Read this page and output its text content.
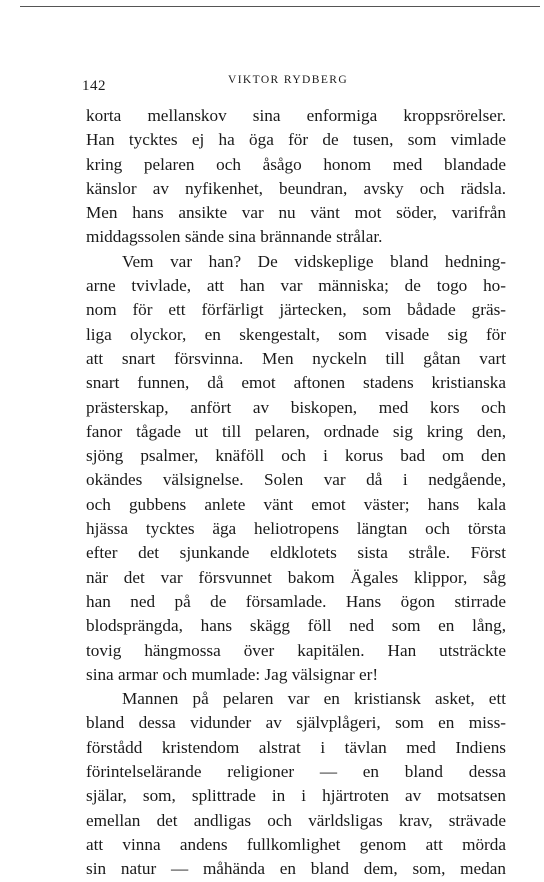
142	VIKTOR RYDBERG
korta mellanskov sina enformiga kroppsrörelser.
Han tycktes ej ha öga för de tusen, som vimlade
kring pelaren och åsågo honom med blandade
känslor av nyfikenhet, beundran, avsky och rädsla.
Men hans ansikte var nu vänt mot söder, varifrån
middagssolen sände sina brännande strålar.
Vem var han? De vidskeplige bland hedning-
arne tvivlade, att han var människa; de togo ho-
nom för ett förfärligt järtecken, som bådade gräs-
liga olyckor, en skengestalt, som visade sig för
att snart försvinna. Men nyckeln till gåtan vart
snart funnen, då emot aftonen stadens kristianska
prästerskap, anfört av biskopen, med kors och
fanor tågade ut till pelaren, ordnade sig kring den,
sjöng psalmer, knäföll och i korus bad om den
okändes välsignelse. Solen var då i nedgående,
och gubbens anlete vänt emot väster; hans kala
hjässa tycktes äga heliotropens längtan och törsta
efter det sjunkande eldklotets sista stråle. Först
när det var försvunnet bakom Ägales klippor, såg
han ned på de församlade. Hans ögon stirrade
blodsprängda, hans skägg föll ned som en lång,
tovig hängmossa över kapitälen. Han utsträckte
sina armar och mumlade: Jag välsignar er!
Mannen på pelaren var en kristiansk asket, ett
bland dessa vidunder av självplågeri, som en miss-
förstådd kristendom alstrat i tävlan med Indiens
förintelselärande religioner — en bland dessa
själar, som, splittrade in i hjärtroten av motsatsen
emellan det andligas och världsligas krav, strävade
att vinna andens fullkomlighet genom att mörda
sin natur — måhända en bland dem, som, medan
